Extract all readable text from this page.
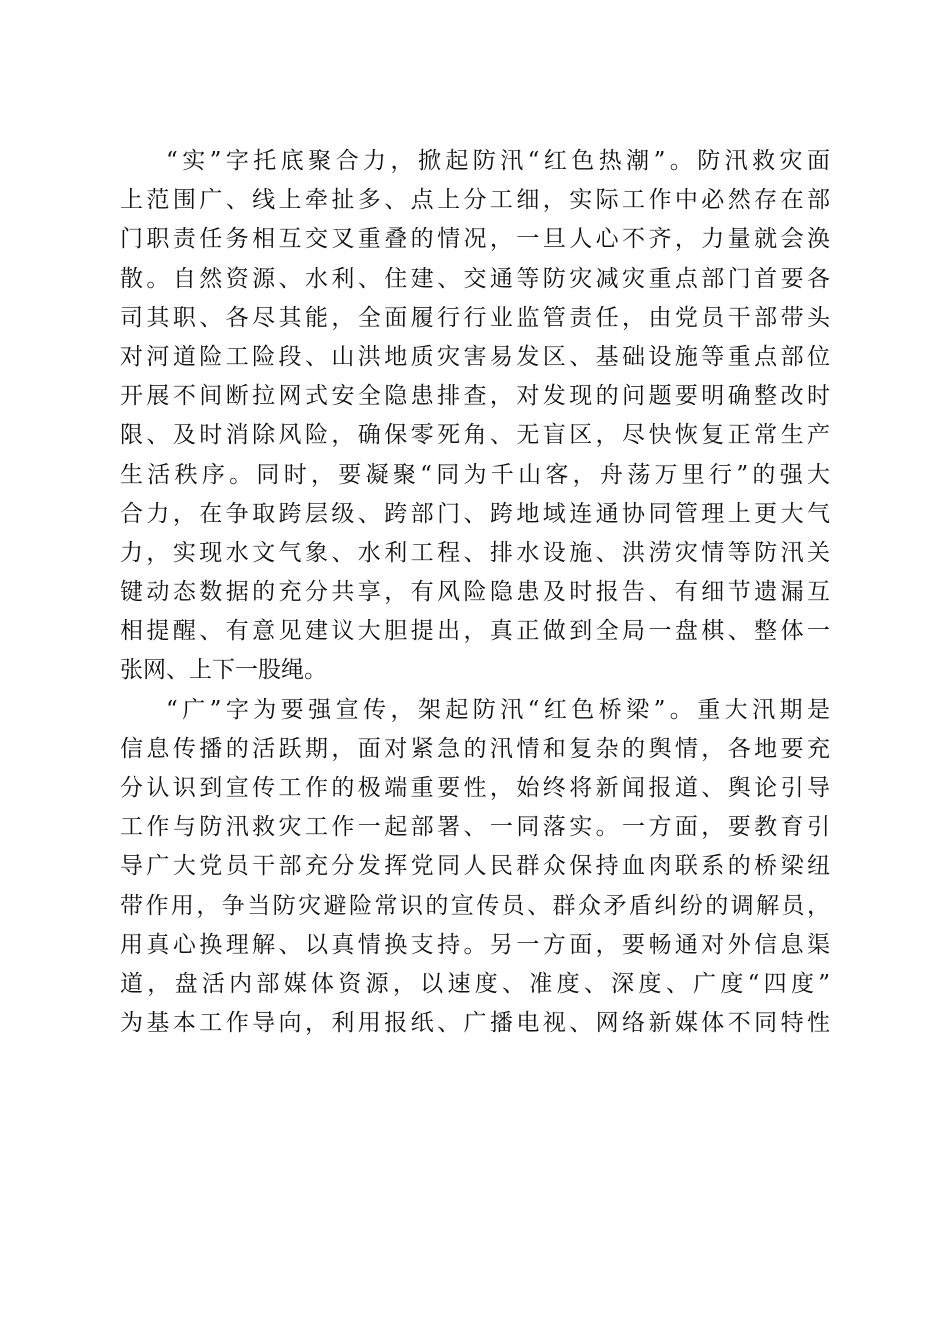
“实”字托底聚合力，掀起防汛“红色热潮”。防汛救灾面
上范围广、线上牵扯多、点上分工细，实际工作中必然存在部
门职责任务相互交叉重叠的情况，一旦人心不齐，力量就会涣
散。自然资源、水利、住建、交通等防灾减灾重点部门首要各
司其职、各尽其能，全面履行行业监管责任，由党员干部带头
对河道险工险段、山洪地质灾害易发区、基础设施等重点部位
开展不间断拉网式安全隐患排查，对发现的问题要明确整改时
限、及时消除风险，确保零死角、无盲区，尽快恢复正常生产
生活秩序。同时，要凝聚“同为千山客，舟荡万里行”的强大
合力，在争取跨层级、跨部门、跨地域连通协同管理上更大气
力，实现水文气象、水利工程、排水设施、洪涝灾情等防汛关
键动态数据的充分共享，有风险隐患及时报告、有细节遗漏互
相提醒、有意见建议大胆提出，真正做到全局一盘棋、整体一
张网、上下一股绳。
“广”字为要强宣传，架起防汛“红色桥梁”。重大汛期是
信息传播的活跃期，面对紧急的汛情和复杂的舆情，各地要充
分认识到宣传工作的极端重要性，始终将新闻报道、舆论引导
工作与防汛救灾工作一起部署、一同落实。一方面，要教育引
导广大党员干部充分发挥党同人民群众保持血肉联系的桥梁纽
带作用，争当防灾避险常识的宣传员、群众矛盾纠纷的调解员，
用真心换理解、以真情换支持。另一方面，要畅通对外信息渠
道，盘活内部媒体资源，以速度、准度、深度、广度“四度”
为基本工作导向，利用报纸、广播电视、网络新媒体不同特性
